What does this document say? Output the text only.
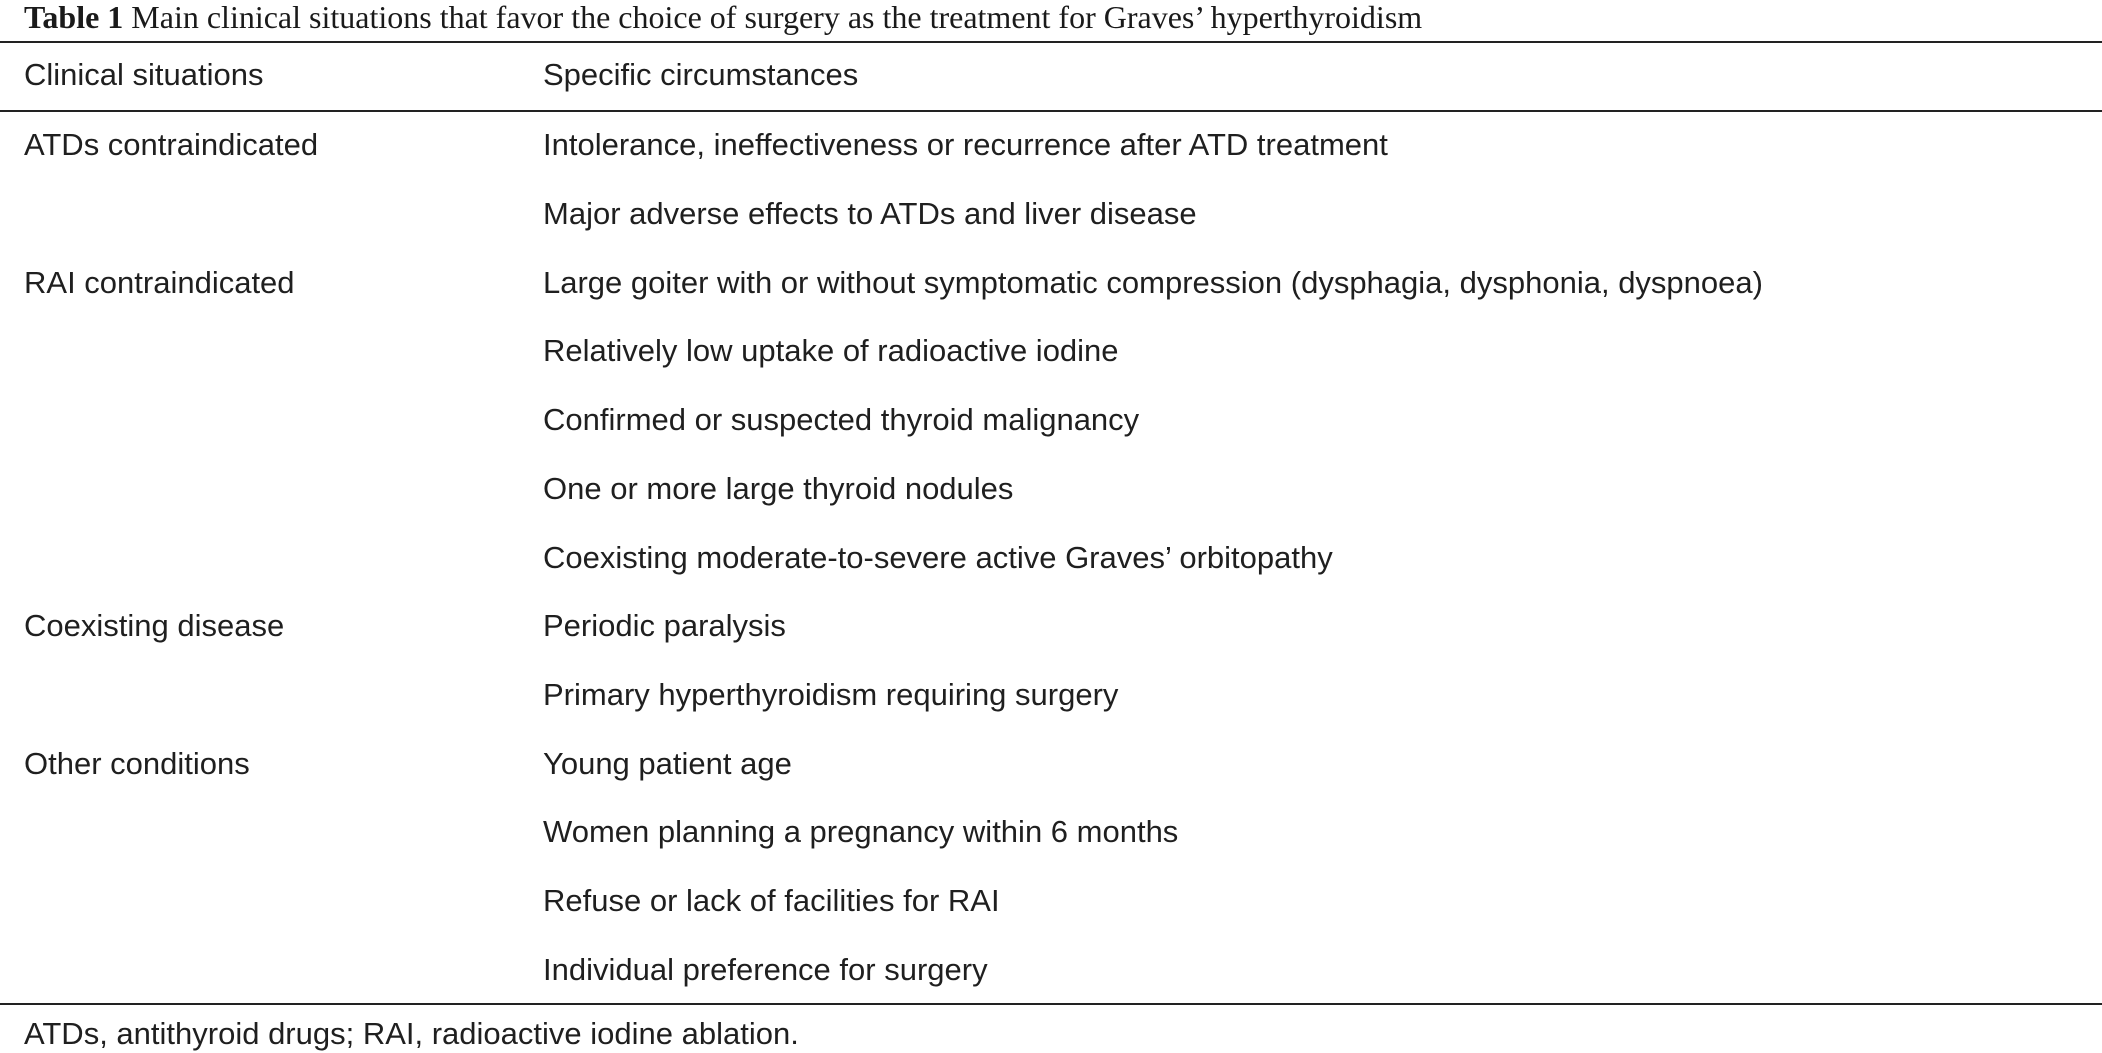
Table 1 Main clinical situations that favor the choice of surgery as the treatment for Graves’ hyperthyroidism
Clinical situations	Specific circumstances
ATDs contraindicated	Intolerance, ineffectiveness or recurrence after ATD treatment
Major adverse effects to ATDs and liver disease
RAI contraindicated	Large goiter with or without symptomatic compression (dysphagia, dysphonia, dyspnoea)
Relatively low uptake of radioactive iodine
Confirmed or suspected thyroid malignancy
One or more large thyroid nodules
Coexisting moderate-to-severe active Graves’ orbitopathy
Coexisting disease	Periodic paralysis
Primary hyperthyroidism requiring surgery
Other conditions	Young patient age
Women planning a pregnancy within 6 months
Refuse or lack of facilities for RAI
Individual preference for surgery
ATDs, antithyroid drugs; RAI, radioactive iodine ablation.
